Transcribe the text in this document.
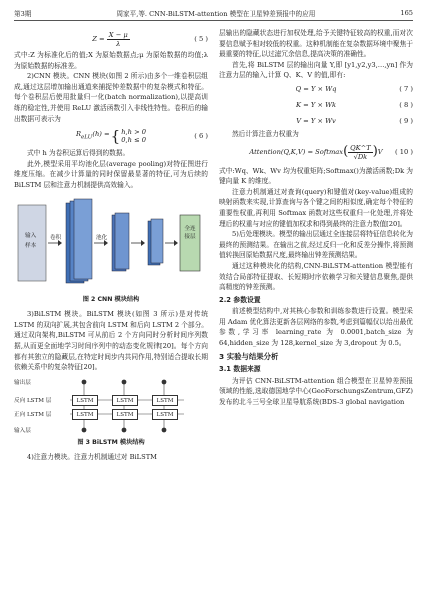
第3期	周家平,等. CNN-BiLSTM-attention 模型在卫星钟差预报中的应用	165
Z =
$\frac{X - \mu}{\lambda}$	( 5 )

式中:Z 为标准化后的值;X 为原始数据点;μ 为原始数据的均值;λ 为原始数据的标准差。

2)CNN 模块。CNN 模块(如图 2 所示)由多个一维卷积层组成,通过这层增加输出通道来捕捉钟差数据中的复杂模式和特征。每个卷积层后使用批量归一化(batch normalization),以提高训练的稳定性,并使用 ReLU 激活函数引入非线性特性。卷积后的输出数据可表示为

$R_{eLU}(h)$ = { h,h > 0
0,h ≤ 0
( 6 )

式中 h 为卷积运算后得到的数据。

此外,模型采用平均池化层(average pooling)对特征图进行维度压缩。在减少计算量的同时保留最显著的特征,可为后续的 BiLSTM 层和注意力机制提供高效输入。

输入
样本
卷积	池化
全连接层
图 2 CNN 模块结构

3)BiLSTM 模块。BiLSTM 模块(如图 3 所示)是对传统 LSTM 的双向扩展,其包含前向 LSTM 和后向 LSTM 2 个部分。通过双向架构,BiLSTM 可从前后 2 个方向同时分析时间序列数据,从而更全面地学习时间序列中的动态变化规律[20]。每个方向都有其独立的隐藏层,在特定时间步内共同作用,特别适合提取长期依赖关系中的复杂特征[20]。

输出层
反向 LSTM 层
正向 LSTM 层
输入层
LSTM	LSTM	LSTM
LSTM	LSTM	LSTM
图 3 BiLSTM 模块结构

4)注意力模块。注意力机制通过对 BiLSTM

层输出的隐藏状态进行加权处理,给予关键特征较高的权重,而对次要信息赋予相对较低的权重。这种机制能在复杂数据环境中聚焦于最重要的特征,以过滤冗余信息,提高决策的准确性。

首先,将 BiLSTM 层的输出向量 Y,即 [y1,y2,y3,…,yn] 作为注意力层的输入,计算 Q、K、V 的值,即有:

Q = Y × Wq	( 7 )
K = Y × Wk	( 8 )
V = Y × Wv	( 9 )

然后计算注意力权重为

Attention(Q,K,V) = Softmax ( $\frac{QK\^{}T}{√Dk}$ ) V ( 10 )

式中:Wq、Wk、Wv 均为权重矩阵;Softmax()为激活函数;Dk 为键向量 K 的维度。

注意力机制通过对查询(query)和键值对(key-value)组成的映射函数来实现,计算查询与各个键之间的相似度,确定每个特征的重要性权重,再利用 Softmax 函数对这些权重归一化处理,并将处理后的权重与对应的键值加权求和得到最终的注意力数值[20]。

5)后处理模块。模型的输出层通过全连接层将特征信息转化为最终的预测结果。在输出之前,经过反归一化和反差分操作,将预测值转换回原始数据尺度,最终输出钟差预测结果。

通过这种模块化的结构,CNN-BiLSTM-attention 模型能有效结合局部特征提取、长短期时序依赖学习和关键信息聚焦,提供高精度的钟差预测。

2.2 参数设置

前述模型结构中,对其核心参数和训练参数进行设置。模型采用 Adam 优化算法更新各层网络的参数,考虑到篇幅仅以给出最优参数,学习率 learning_rate 为 0.0001,batch_size 为 64,hidden_size 为 128,kernel_size 为 3,dropout 为 0.5。

3 实验与结果分析
3.1 数据来源

为评估 CNN-BiLSTM-attention 组合模型在卫星钟差预报领域的性能,选取德国地学中心(GeoForschungsZentrum,GFZ)发布的北斗三号全球卫星导航系统(BDS-3 global navigation
